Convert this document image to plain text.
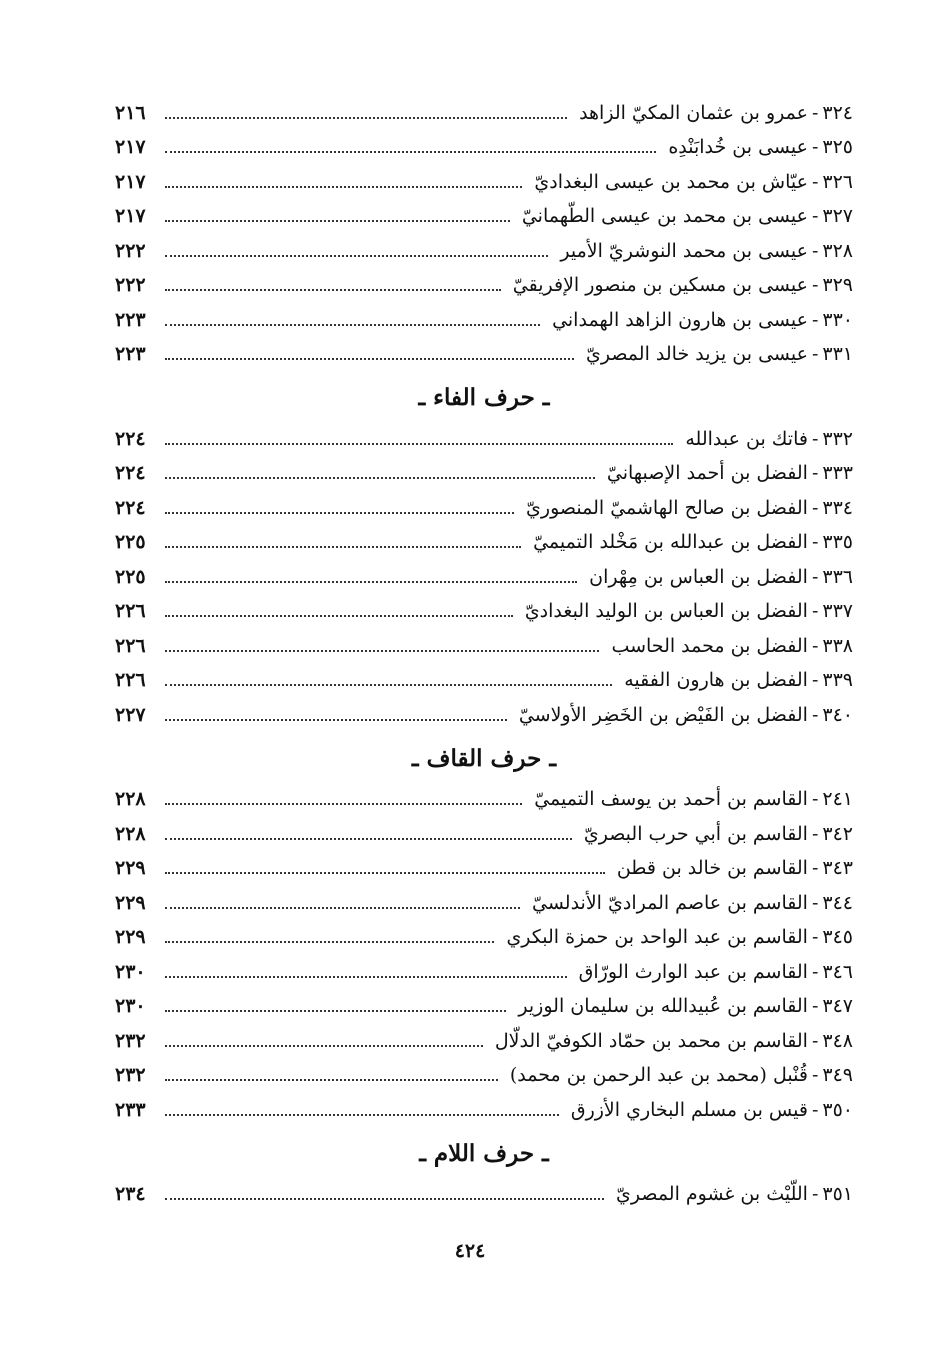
٣٢٤
-
عمرو بن عثمان المكيّ الزاهد
٢١٦
٣٢٥
-
عيسى بن خُدابَنْدِه
٢١٧
٣٢٦
-
عيّاش بن محمد بن عيسى البغداديّ
٢١٧
٣٢٧
-
عيسى بن محمد بن عيسى الطّهمانيّ
٢١٧
٣٢٨
-
عيسى بن محمد النوشريّ الأمير
٢٢٢
٣٢٩
-
عيسى بن مسكين بن منصور الإفريقيّ
٢٢٢
٣٣٠
-
عيسى بن هارون الزاهد الهمداني
٢٢٣
٣٣١
-
عيسى بن يزيد خالد المصريّ
٢٢٣
ـ حرف الفاء ـ
٣٣٢
-
فاتك بن عبدالله
٢٢٤
٣٣٣
-
الفضل بن أحمد الإصبهانيّ
٢٢٤
٣٣٤
-
الفضل بن صالح الهاشميّ المنصوريّ
٢٢٤
٣٣٥
-
الفضل بن عبدالله بن مَخْلد التميميّ
٢٢٥
٣٣٦
-
الفضل بن العباس بن مِهْران
٢٢٥
٣٣٧
-
الفضل بن العباس بن الوليد البغداديّ
٢٢٦
٣٣٨
-
الفضل بن محمد الحاسب
٢٢٦
٣٣٩
-
الفضل بن هارون الفقيه
٢٢٦
٣٤٠
-
الفضل بن الفَيْض بن الخَضِر الأولاسيّ
٢٢٧
ـ حرف القاف ـ
٢٤١
-
القاسم بن أحمد بن يوسف التميميّ
٢٢٨
٣٤٢
-
القاسم بن أبي حرب البصريّ
٢٢٨
٣٤٣
-
القاسم بن خالد بن قطن
٢٢٩
٣٤٤
-
القاسم بن عاصم المراديّ الأندلسيّ
٢٢٩
٣٤٥
-
القاسم بن عبد الواحد بن حمزة البكري
٢٢٩
٣٤٦
-
القاسم بن عبد الوارث الورّاق
٢٣٠
٣٤٧
-
القاسم بن عُبيدالله بن سليمان الوزير
٢٣٠
٣٤٨
-
القاسم بن محمد بن حمّاد الكوفيّ الدلّال
٢٣٢
٣٤٩
-
قُنْبل (محمد بن عبد الرحمن بن محمد)
٢٣٢
٣٥٠
-
قيس بن مسلم البخاري الأزرق
٢٣٣
ـ حرف اللام ـ
٣٥١
-
اللّيْث بن غشوم المصريّ
٢٣٤
٤٢٤
